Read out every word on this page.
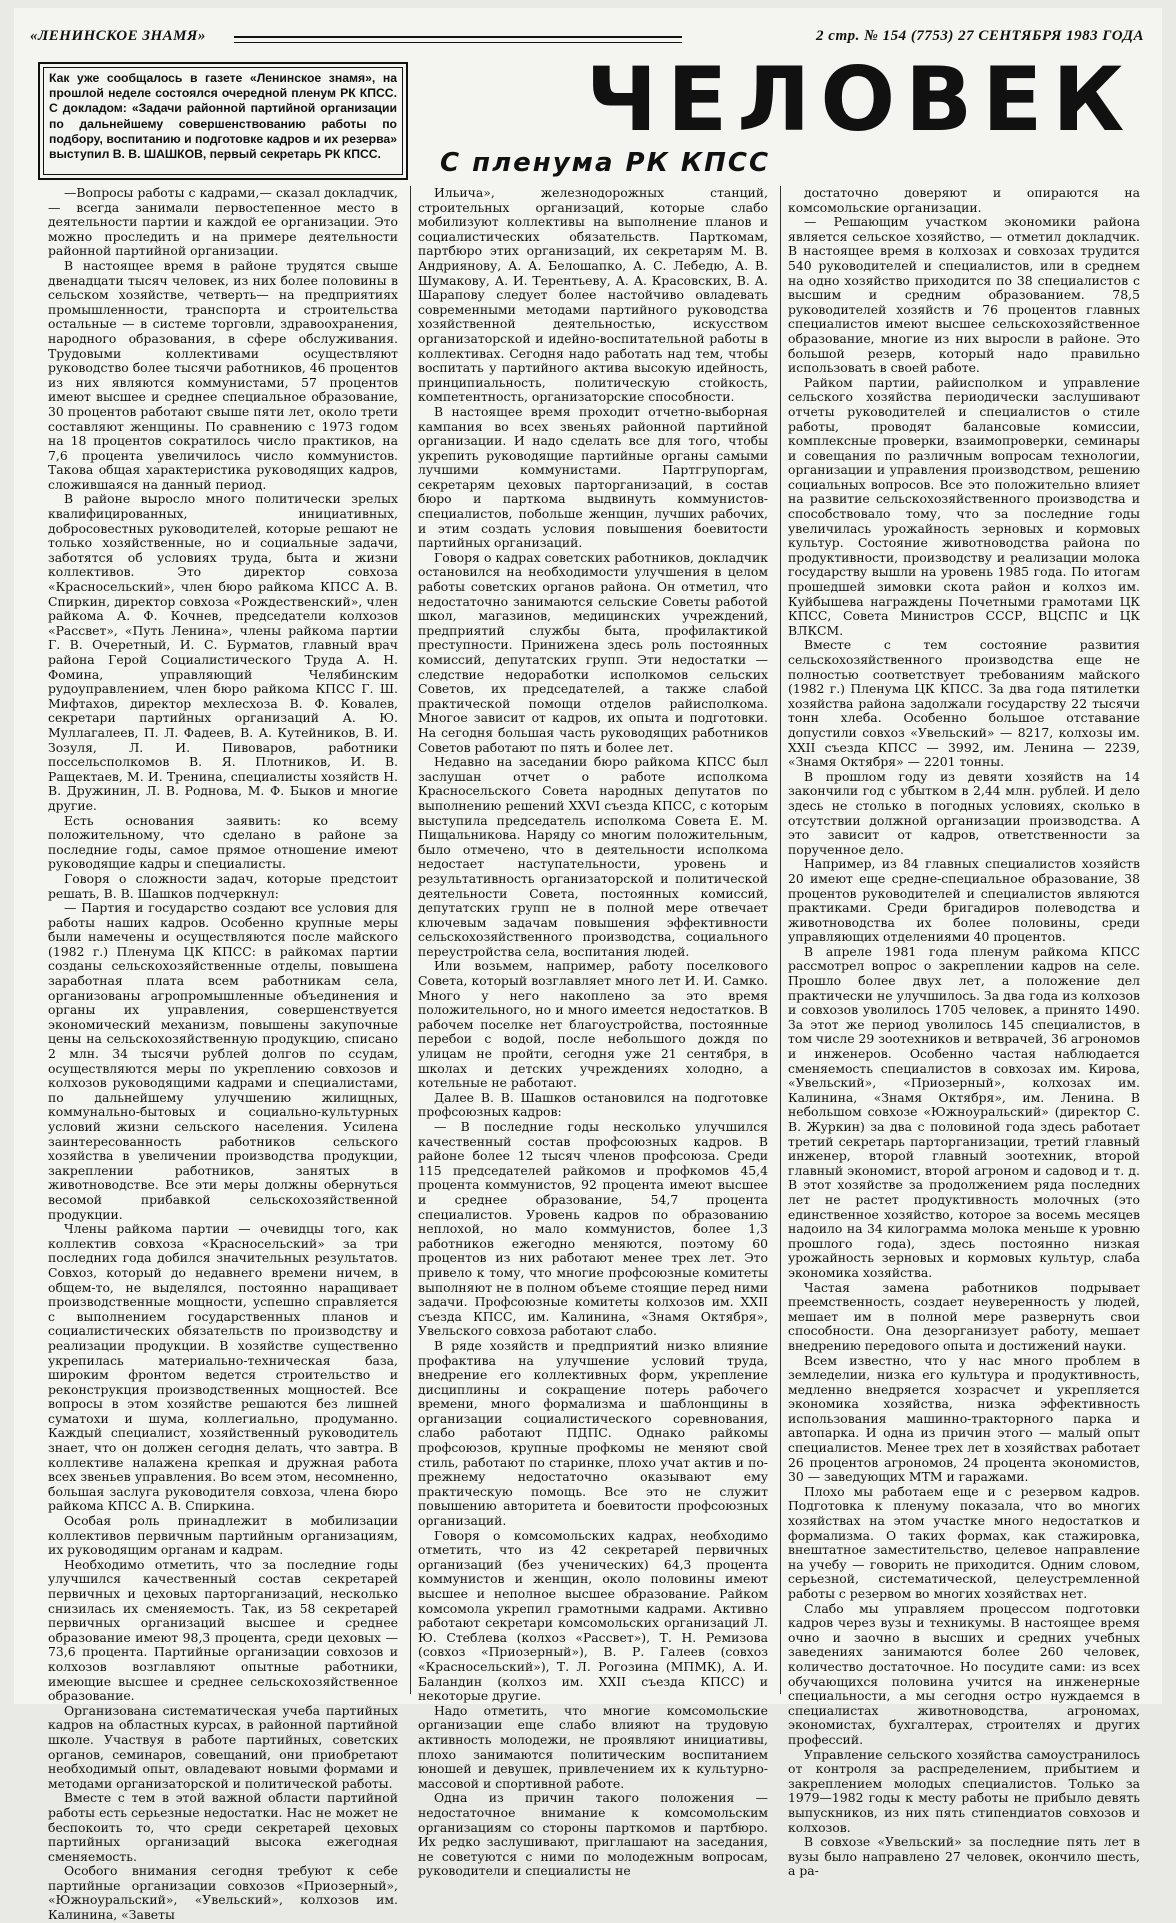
«ЛЕНИНСКОЕ ЗНАМЯ»	2 стр. № 154 (7753) 27 СЕНТЯБРЯ 1983 ГОДА
Как уже сообщалось в газете «Ленинское знамя», на прошлой неделе состоялся очередной пленум РК КПСС. С докладом: «Задачи районной партийной организации по дальнейшему совершенствованию работы по подбору, воспитанию и подготовке кадров и их резерва» выступил В. В. ШАШКОВ, первый секретарь РК КПСС.
ЧЕЛОВЕК
С пленума РК КПСС

—Вопросы работы с кадрами,— сказал докладчик,— всегда занимали первостепенное место в деятельности партии и каждой ее организации. Это можно проследить и на примере деятельности районной партийной организации.

В настоящее время в районе трудятся свыше двенадцати тысяч человек, из них более половины в сельском хозяйстве, четверть— на предприятиях промышленности, транспорта и строительства остальные — в системе торговли, здравоохранения, народного образования, в сфере обслуживания. Трудовыми коллективами осуществляют руководство более тысячи работников, 46 процентов из них являются коммунистами, 57 процентов имеют высшее и среднее специальное образование, 30 процентов работают свыше пяти лет, около трети составляют женщины. По сравнению с 1973 годом на 18 процентов сократилось число практиков, на 7,6 процента увеличилось число коммунистов. Такова общая характеристика руководящих кадров, сложившаяся на данный период.

В районе выросло много политически зрелых квалифицированных, инициативных, добросовестных руководителей, которые решают не только хозяйственные, но и социальные задачи, заботятся об условиях труда, быта и жизни коллективов. Это директор совхоза «Красносельский», член бюро райкома КПСС А. В. Спиркин, директор совхоза «Рождественский», член райкома А. Ф. Кочнев, председатели колхозов «Рассвет», «Путь Ленина», члены райкома партии Г. В. Очеретный, И. С. Бурматов, главный врач района Герой Социалистического Труда А. Н. Фомина, управляющий Челябинским рудоуправлением, член бюро райкома КПСС Г. Ш. Мифтахов, директор мехлесхоза В. Ф. Ковалев, секретари партийных организаций А. Ю. Муллагалеев, П. Л. Фадеев, В. А. Кутейников, В. И. Зозуля, Л. И. Пивоваров, работники поссельсполкомов В. Я. Плотников, И. В. Ращектаев, М. И. Тренина, специалисты хозяйств Н. В. Дружинин, Л. В. Роднова, М. Ф. Быков и многие другие.

Есть основания заявить: ко всему положительному, что сделано в районе за последние годы, самое прямое отношение имеют руководящие кадры и специалисты.

Говоря о сложности задач, которые предстоит решать, В. В. Шашков подчеркнул:

— Партия и государство создают все условия для работы наших кадров. Особенно крупные меры были намечены и осуществляются после майского (1982 г.) Пленума ЦК КПСС: в райкомах партии созданы сельскохозяйственные отделы, повышена заработная плата всем работникам села, организованы агропромышленные объединения и органы их управления, совершенствуется экономический механизм, повышены закупочные цены на сельскохозяйственную продукцию, списано 2 млн. 34 тысячи рублей долгов по ссудам, осуществляются меры по укреплению совхозов и колхозов руководящими кадрами и специалистами, по дальнейшему улучшению жилищных, коммунально-бытовых и социально-культурных условий жизни сельского населения. Усилена заинтересованность работников сельского хозяйства в увеличении производства продукции, закреплении работников, занятых в животноводстве. Все эти меры должны обернуться весомой прибавкой сельскохозяйственной продукции.

Члены райкома партии — очевидцы того, как коллектив совхоза «Красносельский» за три последних года добился значительных результатов. Совхоз, который до недавнего времени ничем, в общем-то, не выделялся, постоянно наращивает производственные мощности, успешно справляется с выполнением государственных планов и социалистических обязательств по производству и реализации продукции. В хозяйстве существенно укрепилась материально-техническая база, широким фронтом ведется строительство и реконструкция производственных мощностей. Все вопросы в этом хозяйстве решаются без лишней суматохи и шума, коллегиально, продуманно. Каждый специалист, хозяйственный руководитель знает, что он должен сегодня делать, что завтра. В коллективе налажена крепкая и дружная работа всех звеньев управления. Во всем этом, несомненно, большая заслуга руководителя совхоза, члена бюро райкома КПСС А. В. Спиркина.

Особая роль принадлежит в мобилизации коллективов первичным партийным организациям, их руководящим органам и кадрам.

Необходимо отметить, что за последние годы улучшился качественный состав секретарей первичных и цеховых парторганизаций, несколько снизилась их сменяемость. Так, из 58 секретарей первичных организаций высшее и среднее образование имеют 98,3 процента, среди цеховых — 73,6 процента. Партийные организации совхозов и колхозов возглавляют опытные работники, имеющие высшее и среднее сельскохозяйственное образование.

Организована систематическая учеба партийных кадров на областных курсах, в районной партийной школе. Участвуя в работе партийных, советских органов, семинаров, совещаний, они приобретают необходимый опыт, овладевают новыми формами и методами организаторской и политической работы.

Вместе с тем в этой важной области партийной работы есть серьезные недостатки. Нас не может не беспокоить то, что среди секретарей цеховых партийных организаций высока ежегодная сменяемость.

Особого внимания сегодня требуют к себе партийные организации совхозов «Приозерный», «Южноуральский», «Увельский», колхозов им. Калинина, «Заветы

Ильича», железнодорожных станций, строительных организаций, которые слабо мобилизуют коллективы на выполнение планов и социалистических обязательств. Парткомам, партбюро этих организаций, их секретарям М. В. Андриянову, А. А. Белошапко, А. С. Лебедю, А. В. Шумакову, А. И. Терентьеву, А. А. Красовских, В. А. Шарапову следует более настойчиво овладевать современными методами партийного руководства хозяйственной деятельностью, искусством организаторской и идейно-воспитательной работы в коллективах. Сегодня надо работать над тем, чтобы воспитать у партийного актива высокую идейность, принципиальность, политическую стойкость, компетентность, организаторские способности.

В настоящее время проходит отчетно-выборная кампания во всех звеньях районной партийной организации. И надо сделать все для того, чтобы укрепить руководящие партийные органы самыми лучшими коммунистами. Партгрупоргам, секретарям цеховых парторганизаций, в состав бюро и парткома выдвинуть коммунистов-специалистов, побольше женщин, лучших рабочих, и этим создать условия повышения боевитости партийных организаций.

Говоря о кадрах советских работников, докладчик остановился на необходимости улучшения в целом работы советских органов района. Он отметил, что недостаточно занимаются сельские Советы работой школ, магазинов, медицинских учреждений, предприятий службы быта, профилактикой преступности. Принижена здесь роль постоянных комиссий, депутатских групп. Эти недостатки — следствие недоработки исполкомов сельских Советов, их председателей, а также слабой практической помощи отделов райисполкома. Многое зависит от кадров, их опыта и подготовки. На сегодня большая часть руководящих работников Советов работают по пять и более лет.

Недавно на заседании бюро райкома КПСС был заслушан отчет о работе исполкома Красносельского Совета народных депутатов по выполнению решений XXVI съезда КПСС, с которым выступила председатель исполкома Совета Е. М. Пищальникова. Наряду со многим положительным, было отмечено, что в деятельности исполкома недостает наступательности, уровень и результативность организаторской и политической деятельности Совета, постоянных комиссий, депутатских групп не в полной мере отвечает ключевым задачам повышения эффективности сельскохозяйственного производства, социального переустройства села, воспитания людей.

Или возьмем, например, работу поселкового Совета, который возглавляет много лет И. И. Самко. Много у него накоплено за это время положительного, но и много имеется недостатков. В рабочем поселке нет благоустройства, постоянные перебои с водой, после небольшого дождя по улицам не пройти, сегодня уже 21 сентября, в школах и детских учреждениях холодно, а котельные не работают.

Далее В. В. Шашков остановился на подготовке профсоюзных кадров:

— В последние годы несколько улучшился качественный состав профсоюзных кадров. В районе более 12 тысяч членов профсоюза. Среди 115 председателей райкомов и профкомов 45,4 процента коммунистов, 92 процента имеют высшее и среднее образование, 54,7 процента специалистов. Уровень кадров по образованию неплохой, но мало коммунистов, более 1,3 работников ежегодно меняются, поэтому 60 процентов из них работают менее трех лет. Это привело к тому, что многие профсоюзные комитеты выполняют не в полном объеме стоящие перед ними задачи. Профсоюзные комитеты колхозов им. XXII съезда КПСС, им. Калинина, «Знамя Октября», Увельского совхоза работают слабо.

В ряде хозяйств и предприятий низко влияние профактива на улучшение условий труда, внедрение его коллективных форм, укрепление дисциплины и сокращение потерь рабочего времени, много формализма и шаблонщины в организации социалистического соревнования, слабо работают ПДПС. Однако райкомы профсоюзов, крупные профкомы не меняют свой стиль, работают по старинке, плохо учат актив и по-прежнему недостаточно оказывают ему практическую помощь. Все это не служит повышению авторитета и боевитости профсоюзных организаций.

Говоря о комсомольских кадрах, необходимо отметить, что из 42 секретарей первичных организаций (без ученических) 64,3 процента коммунистов и женщин, около половины имеют высшее и неполное высшее образование. Райком комсомола укрепил грамотными кадрами. Активно работают секретари комсомольских организаций Л. Ю. Стеблева (колхоз «Рассвет»), Т. Н. Ремизова (совхоз «Приозерный»), В. Р. Галеев (совхоз «Красносельский»), Т. Л. Рогозина (МПМК), А. И. Баландин (колхоз им. XXII съезда КПСС) и некоторые другие.

Надо отметить, что многие комсомольские организации еще слабо влияют на трудовую активность молодежи, не проявляют инициативы, плохо занимаются политическим воспитанием юношей и девушек, привлечением их к культурно-массовой и спортивной работе.

Одна из причин такого положения — недостаточное внимание к комсомольским организациям со стороны парткомов и партбюро. Их редко заслушивают, приглашают на заседания, не советуются с ними по молодежным вопросам, руководители и специалисты не

достаточно доверяют и опираются на комсомольские организации.

— Решающим участком экономики района является сельское хозяйство, — отметил докладчик. В настоящее время в колхозах и совхозах трудится 540 руководителей и специалистов, или в среднем на одно хозяйство приходится по 38 специалистов с высшим и средним образованием. 78,5 руководителей хозяйств и 76 процентов главных специалистов имеют высшее сельскохозяйственное образование, многие из них выросли в районе. Это большой резерв, который надо правильно использовать в своей работе.

Райком партии, райисполком и управление сельского хозяйства периодически заслушивают отчеты руководителей и специалистов о стиле работы, проводят балансовые комиссии, комплексные проверки, взаимопроверки, семинары и совещания по различным вопросам технологии, организации и управления производством, решению социальных вопросов. Все это положительно влияет на развитие сельскохозяйственного производства и способствовало тому, что за последние годы увеличилась урожайность зерновых и кормовых культур. Состояние животноводства района по продуктивности, производству и реализации молока государству вышли на уровень 1985 года. По итогам прошедшей зимовки скота район и колхоз им. Куйбышева награждены Почетными грамотами ЦК КПСС, Совета Министров СССР, ВЦСПС и ЦК ВЛКСМ.

Вместе с тем состояние развития сельскохозяйственного производства еще не полностью соответствует требованиям майского (1982 г.) Пленума ЦК КПСС. За два года пятилетки хозяйства района задолжали государству 22 тысячи тонн хлеба. Особенно большое отставание допустили совхоз «Увельский» — 8217, колхозы им. XXII съезда КПСС — 3992, им. Ленина — 2239, «Знамя Октября» — 2201 тонны.

В прошлом году из девяти хозяйств на 14 закончили год с убытком в 2,44 млн. рублей. И дело здесь не столько в погодных условиях, сколько в отсутствии должной организации производства. А это зависит от кадров, ответственности за порученное дело.

Например, из 84 главных специалистов хозяйств 20 имеют еще средне-специальное образование, 38 процентов руководителей и специалистов являются практиками. Среди бригадиров полеводства и животноводства их более половины, среди управляющих отделениями 40 процентов.

В апреле 1981 года пленум райкома КПСС рассмотрел вопрос о закреплении кадров на селе. Прошло более двух лет, а положение дел практически не улучшилось. За два года из колхозов и совхозов уволилось 1705 человек, а принято 1490. За этот же период уволилось 145 специалистов, в том числе 29 зоотехников и ветврачей, 36 агрономов и инженеров. Особенно частая наблюдается сменяемость специалистов в совхозах им. Кирова, «Увельский», «Приозерный», колхозах им. Калинина, «Знамя Октября», им. Ленина. В небольшом совхозе «Южноуральский» (директор С. В. Журкин) за два с половиной года здесь работает третий секретарь парторганизации, третий главный инженер, второй главный зоотехник, второй главный экономист, второй агроном и садовод и т. д. В этот хозяйстве за продолжением ряда последних лет не растет продуктивность молочных (это единственное хозяйство, которое за восемь месяцев надоило на 34 килограмма молока меньше к уровню прошлого года), здесь постоянно низкая урожайность зерновых и кормовых культур, слаба экономика хозяйства.

Частая замена работников подрывает преемственность, создает неуверенность у людей, мешает им в полной мере развернуть свои способности. Она дезорганизует работу, мешает внедрению передового опыта и достижений науки.

Всем известно, что у нас много проблем в земледелии, низка его культура и продуктивность, медленно внедряется хозрасчет и укрепляется экономика хозяйства, низка эффективность использования машинно-тракторного парка и автопарка. И одна из причин этого — малый опыт специалистов. Менее трех лет в хозяйствах работает 26 процентов агрономов, 24 процента экономистов, 30 — заведующих МТМ и гаражами.

Плохо мы работаем еще и с резервом кадров. Подготовка к пленуму показала, что во многих хозяйствах на этом участке много недостатков и формализма. О таких формах, как стажировка, внештатное заместительство, целевое направление на учебу — говорить не приходится. Одним словом, серьезной, систематической, целеустремленной работы с резервом во многих хозяйствах нет.

Слабо мы управляем процессом подготовки кадров через вузы и техникумы. В настоящее время очно и заочно в высших и средних учебных заведениях занимаются более 260 человек, количество достаточное. Но посудите сами: из всех обучающихся половина учится на инженерные специальности, а мы сегодня остро нуждаемся в специалистах животноводства, агрономах, экономистах, бухгалтерах, строителях и других профессий.

Управление сельского хозяйства самоустранилось от контроля за распределением, прибытием и закреплением молодых специалистов. Только за 1979—1982 годы к месту работы не прибыло девять выпускников, из них пять стипендиатов совхозов и колхозов.

В совхозе «Увельский» за последние пять лет в вузы было направлено 27 человек, окончило шесть, а ра-
